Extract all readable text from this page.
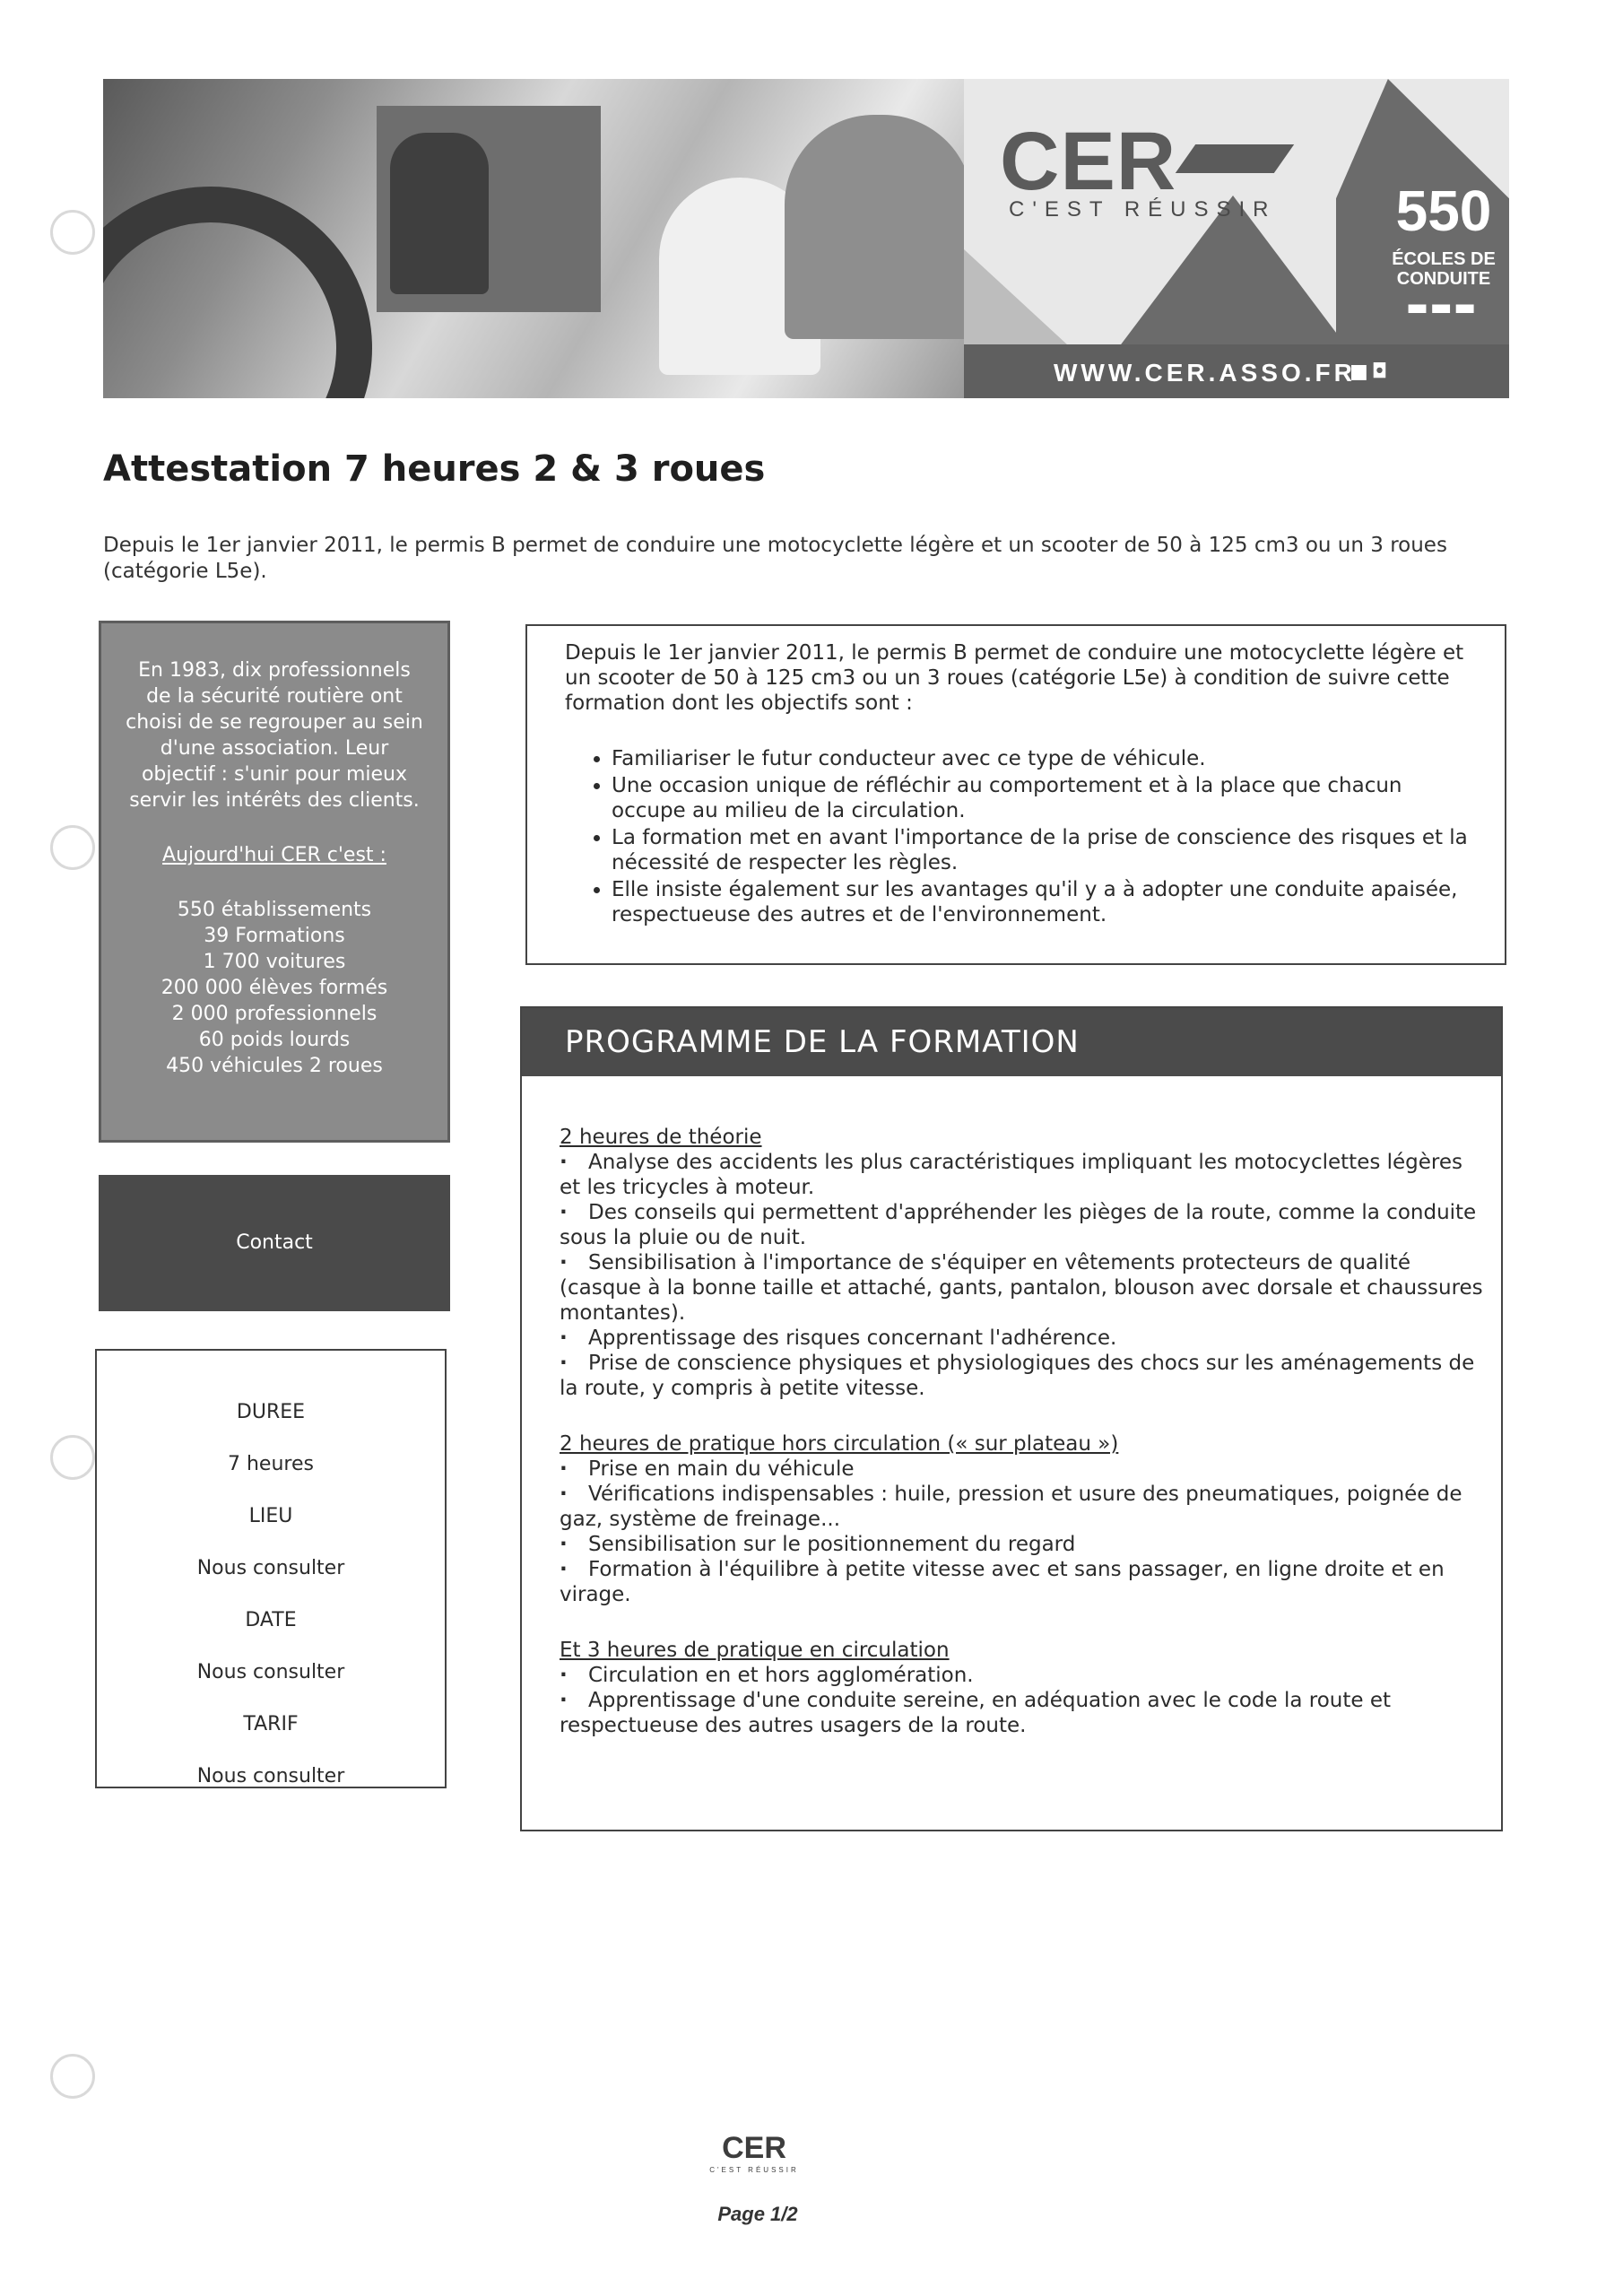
CER
C'EST RÉUSSIR	550
ÉCOLES DE
CONDUITE
▬▬▬
WWW.CER.ASSO.FR
■◘
Attestation 7 heures 2 & 3 roues
Depuis le 1er janvier 2011, le permis B permet de conduire une motocyclette légère et un scooter de 50 à 125 cm3 ou un 3 roues (catégorie L5e).
En 1983, dix professionnels de la sécurité routière ont choisi de se regrouper au sein d'une association. Leur objectif : s'unir pour mieux servir les intérêts des clients.
Aujourd'hui CER c'est :
550 établissements
39 Formations
1 700 voitures
200 000 élèves formés
2 000 professionnels
60 poids lourds
450 véhicules 2 roues
Contact
DUREE
7 heures
LIEU
Nous consulter
DATE
Nous consulter
TARIF
Nous consulter
Depuis le 1er janvier 2011, le permis B permet de conduire une motocyclette légère et un scooter de 50 à 125 cm3 ou un 3 roues (catégorie L5e) à condition de suivre cette formation dont les objectifs sont :
• Familiariser le futur conducteur avec ce type de véhicule.
• Une occasion unique de réfléchir au comportement et à la place que chacun occupe au milieu de la circulation.
• La formation met en avant l'importance de la prise de conscience des risques et la nécessité de respecter les règles.
• Elle insiste également sur les avantages qu'il y a à adopter une conduite apaisée, respectueuse des autres et de l'environnement.
PROGRAMME DE LA FORMATION
2 heures de théorie

· Analyse des accidents les plus caractéristiques impliquant les motocyclettes légères et les tricycles à moteur.

· Des conseils qui permettent d'appréhender les pièges de la route, comme la conduite sous la pluie ou de nuit.

· Sensibilisation à l'importance de s'équiper en vêtements protecteurs de qualité (casque à la bonne taille et attaché, gants, pantalon, blouson avec dorsale et chaussures montantes).

· Apprentissage des risques concernant l'adhérence.

· Prise de conscience physiques et physiologiques des chocs sur les aménagements de la route, y compris à petite vitesse.

2 heures de pratique hors circulation (« sur plateau »)

· Prise en main du véhicule

· Vérifications indispensables : huile, pression et usure des pneumatiques, poignée de gaz, système de freinage...

· Sensibilisation sur le positionnement du regard

· Formation à l'équilibre à petite vitesse avec et sans passager, en ligne droite et en virage.

Et 3 heures de pratique en circulation

· Circulation en et hors agglomération.

· Apprentissage d'une conduite sereine, en adéquation avec le code la route et respectueuse des autres usagers de la route.

CER
C'EST RÉUSSIR
Page 1/2
